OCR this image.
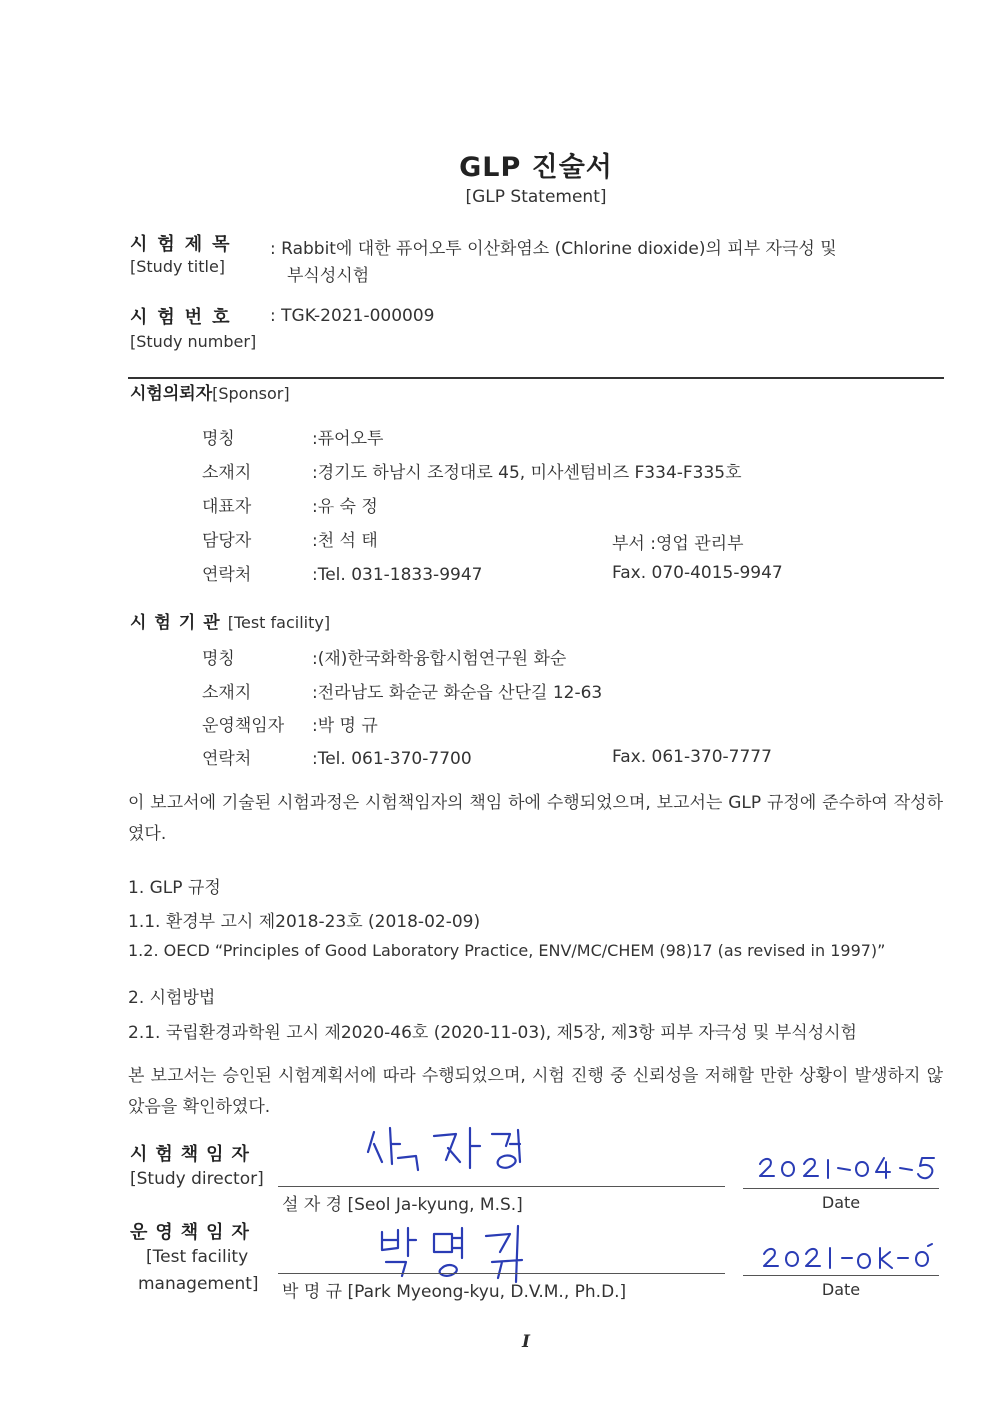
GLP 진술서
[GLP Statement]
시험제목
[Study title]
: Rabbit에 대한 퓨어오투 이산화염소 (Chlorine dioxide)의 피부 자극성 및
부식성시험
시험번호
[Study number]
: TGK-2021-000009
시험의뢰자[Sponsor]
명칭	:퓨어오투
소재지	:경기도 하남시 조정대로 45, 미사센텀비즈 F334-F335호
대표자	:유 숙 정
담당자	:천 석 태	부서 :영업 관리부
연락처	:Tel. 031-1833-9947	Fax. 070-4015-9947
시험기관[Test facility]
명칭	:(재)한국화학융합시험연구원 화순
소재지	:전라남도 화순군 화순읍 산단길 12-63
운영책임자 :박 명 규
연락처	:Tel. 061-370-7700	Fax. 061-370-7777
이 보고서에 기술된 시험과정은 시험책임자의 책임 하에 수행되었으며, 보고서는 GLP 규정에 준수하여 작성하였다.
1. GLP 규정
1.1. 환경부 고시 제2018-23호 (2018-02-09)
1.2. OECD “Principles of Good Laboratory Practice, ENV/MC/CHEM (98)17 (as revised in 1997)”
2. 시험방법
2.1. 국립환경과학원 고시 제2020-46호 (2020-11-03), 제5장, 제3항 피부 자극성 및 부식성시험
본 보고서는 승인된 시험계획서에 따라 수행되었으며, 시험 진행 중 신뢰성을 저해할 만한 상황이 발생하지 않았음을 확인하였다.
시험책임자
[Study director]
설 자 경 [Seol Ja-kyung, M.S.]	Date
운영책임자
[Test facility
management] 박 명 규 [Park Myeong-kyu, D.V.M., Ph.D.]	Date
I
